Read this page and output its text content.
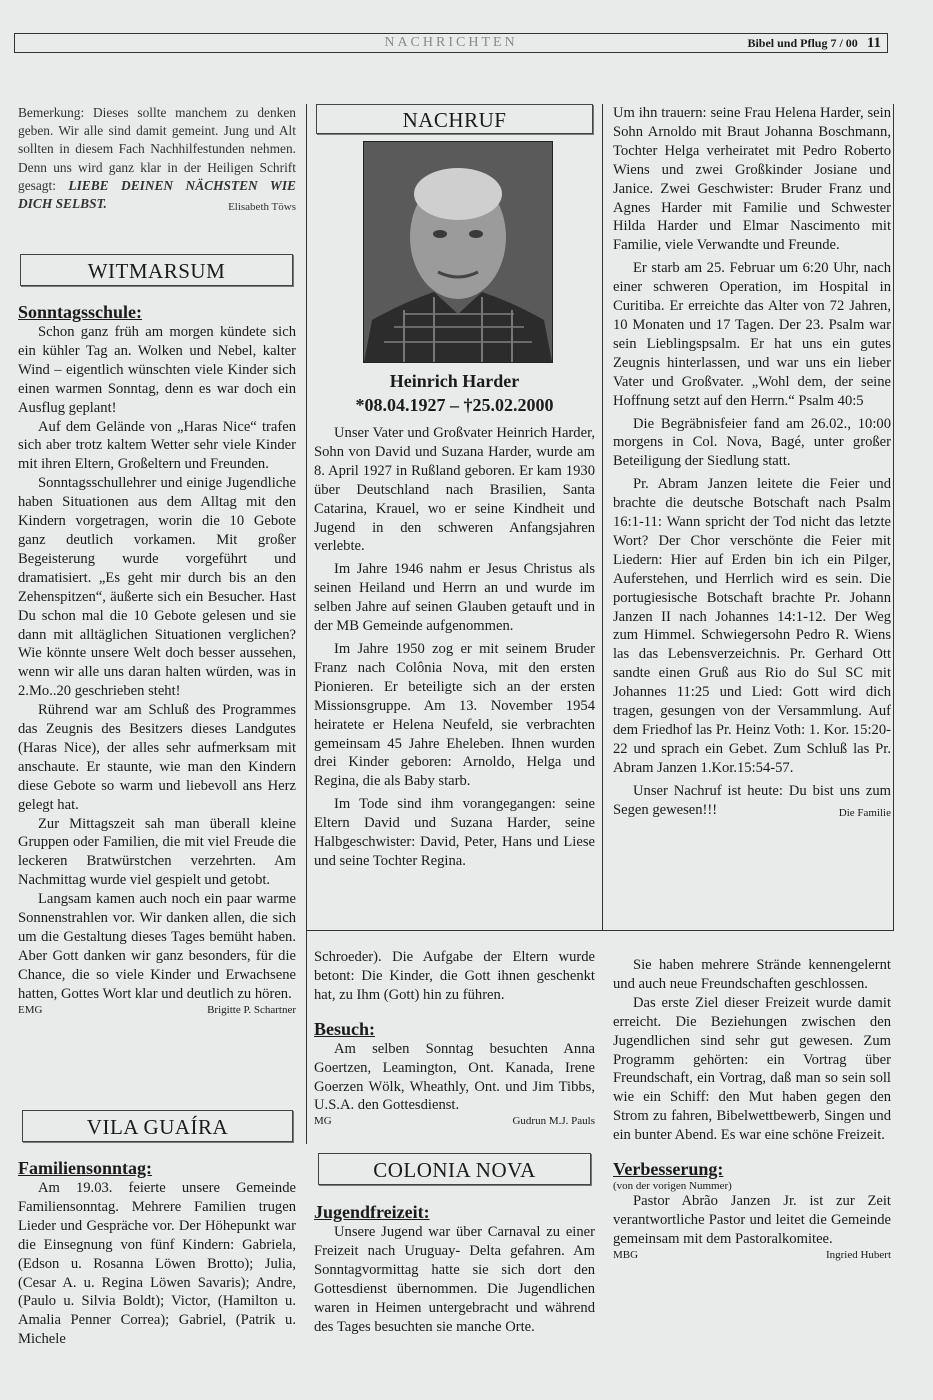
NACHRICHTEN	Bibel und Pflug 7 / 00 11

Bemerkung: Dieses sollte manchem zu denken geben. Wir alle sind damit gemeint. Jung und Alt sollten in diesem Fach Nachhilfestunden nehmen. Denn uns wird ganz klar in der Heiligen Schrift gesagt: LIEBE DEINEN NÄCHSTEN WIE DICH SELBST.	Elisabeth Töws

WITMARSUM
Sonntagsschule:

Schon ganz früh am morgen kündete sich ein kühler Tag an. Wolken und Nebel, kalter Wind – eigentlich wünschten viele Kinder sich einen warmen Sonntag, denn es war doch ein Ausflug geplant!

Auf dem Gelände von „Haras Nice“ trafen sich aber trotz kaltem Wetter sehr viele Kinder mit ihren Eltern, Großeltern und Freunden.

Sonntagsschullehrer und einige Jugendliche haben Situationen aus dem Alltag mit den Kindern vorgetragen, worin die 10 Gebote ganz deutlich vorkamen. Mit großer Begeisterung wurde vorgeführt und dramatisiert. „Es geht mir durch bis an den Zehenspitzen“, äußerte sich ein Besucher. Hast Du schon mal die 10 Gebote gelesen und sie dann mit alltäglichen Situationen verglichen? Wie könnte unsere Welt doch besser aussehen, wenn wir alle uns daran halten würden, was in 2.Mo..20 geschrieben steht!

Rührend war am Schluß des Programmes das Zeugnis des Besitzers dieses Landgutes (Haras Nice), der alles sehr aufmerksam mit anschaute. Er staunte, wie man den Kindern diese Gebote so warm und liebevoll ans Herz gelegt hat.

Zur Mittagszeit sah man überall kleine Gruppen oder Familien, die mit viel Freude die leckeren Bratwürstchen verzehrten. Am Nachmittag wurde viel gespielt und getobt.

Langsam kamen auch noch ein paar warme Sonnenstrahlen vor. Wir danken allen, die sich um die Gestaltung dieses Tages bemüht haben. Aber Gott danken wir ganz besonders, für die Chance, die so viele Kinder und Erwachsene hatten, Gottes Wort klar und deutlich zu hören.

EMG	Brigitte P. Schartner
VILA GUAÍRA
Familiensonntag:

Am 19.03. feierte unsere Gemeinde Familiensonntag. Mehrere Familien trugen Lieder und Gespräche vor. Der Höhepunkt war die Einsegnung von fünf Kindern: Gabriela, (Edson u. Rosanna Löwen Brotto); Julia, (Cesar A. u. Regina Löwen Savaris); Andre, (Paulo u. Silvia Boldt); Victor, (Hamilton u. Amalia Penner Correa); Gabriel, (Patrik u. Michele

NACHRUF
Heinrich Harder
*08.04.1927 – †25.02.2000

Unser Vater und Großvater Heinrich Harder, Sohn von David und Suzana Harder, wurde am 8. April 1927 in Rußland geboren. Er kam 1930 über Deutschland nach Brasilien, Santa Catarina, Krauel, wo er seine Kindheit und Jugend in den schweren Anfangsjahren verlebte.

Im Jahre 1946 nahm er Jesus Christus als seinen Heiland und Herrn an und wurde im selben Jahre auf seinen Glauben getauft und in der MB Gemeinde aufgenommen.

Im Jahre 1950 zog er mit seinem Bruder Franz nach Colônia Nova, mit den ersten Pionieren. Er beteiligte sich an der ersten Missionsgruppe. Am 13. November 1954 heiratete er Helena Neufeld, sie verbrachten gemeinsam 45 Jahre Eheleben. Ihnen wurden drei Kinder geboren: Arnoldo, Helga und Regina, die als Baby starb.

Im Tode sind ihm vorangegangen: seine Eltern David und Suzana Harder, seine Halbgeschwister: David, Peter, Hans und Liese und seine Tochter Regina.

Schroeder). Die Aufgabe der Eltern wurde betont: Die Kinder, die Gott ihnen geschenkt hat, zu Ihm (Gott) hin zu führen.

Besuch:

Am selben Sonntag besuchten Anna Goertzen, Leamington, Ont. Kanada, Irene Goerzen Wölk, Wheathly, Ont. und Jim Tibbs, U.S.A. den Gottesdienst.

MG	Gudrun M.J. Pauls
COLONIA NOVA
Jugendfreizeit:

Unsere Jugend war über Carnaval zu einer Freizeit nach Uruguay- Delta gefahren. Am Sonntagvormittag hatte sie sich dort den Gottesdienst übernommen. Die Jugendlichen waren in Heimen untergebracht und während des Tages besuchten sie manche Orte.

Um ihn trauern: seine Frau Helena Harder, sein Sohn Arnoldo mit Braut Johanna Boschmann, Tochter Helga verheiratet mit Pedro Roberto Wiens und zwei Großkinder Josiane und Janice. Zwei Geschwister: Bruder Franz und Agnes Harder mit Familie und Schwester Hilda Harder und Elmar Nascimento mit Familie, viele Verwandte und Freunde.

Er starb am 25. Februar um 6:20 Uhr, nach einer schweren Operation, im Hospital in Curitiba. Er erreichte das Alter von 72 Jahren, 10 Monaten und 17 Tagen. Der 23. Psalm war sein Lieblingspsalm. Er hat uns ein gutes Zeugnis hinterlassen, und war uns ein lieber Vater und Großvater. „Wohl dem, der seine Hoffnung setzt auf den Herrn.“ Psalm 40:5

Die Begräbnisfeier fand am 26.02., 10:00 morgens in Col. Nova, Bagé, unter großer Beteiligung der Siedlung statt.

Pr. Abram Janzen leitete die Feier und brachte die deutsche Botschaft nach Psalm 16:1-11: Wann spricht der Tod nicht das letzte Wort? Der Chor verschönte die Feier mit Liedern: Hier auf Erden bin ich ein Pilger, Auferstehen, und Herrlich wird es sein. Die portugiesische Botschaft brachte Pr. Johann Janzen II nach Johannes 14:1-12. Der Weg zum Himmel. Schwiegersohn Pedro R. Wiens las das Lebensverzeichnis. Pr. Gerhard Ott sandte einen Gruß aus Rio do Sul SC mit Johannes 11:25 und Lied: Gott wird dich tragen, gesungen von der Versammlung. Auf dem Friedhof las Pr. Heinz Voth: 1. Kor. 15:20-22 und sprach ein Gebet. Zum Schluß las Pr. Abram Janzen 1.Kor.15:54-57.

Unser Nachruf ist heute: Du bist uns zum Segen gewesen!!!	Die Familie

Sie haben mehrere Strände kennengelernt und auch neue Freundschaften geschlossen.

Das erste Ziel dieser Freizeit wurde damit erreicht. Die Beziehungen zwischen den Jugendlichen sind sehr gut gewesen. Zum Programm gehörten: ein Vortrag über Freundschaft, ein Vortrag, daß man so sein soll wie ein Schiff: den Mut haben gegen den Strom zu fahren, Bibelwettbewerb, Singen und ein bunter Abend. Es war eine schöne Freizeit.

Verbesserung:
(von der vorigen Nummer)

Pastor Abrão Janzen Jr. ist zur Zeit verantwortliche Pastor und leitet die Gemeinde gemeinsam mit dem Pastoralkomitee.

MBG	Ingried Hubert
